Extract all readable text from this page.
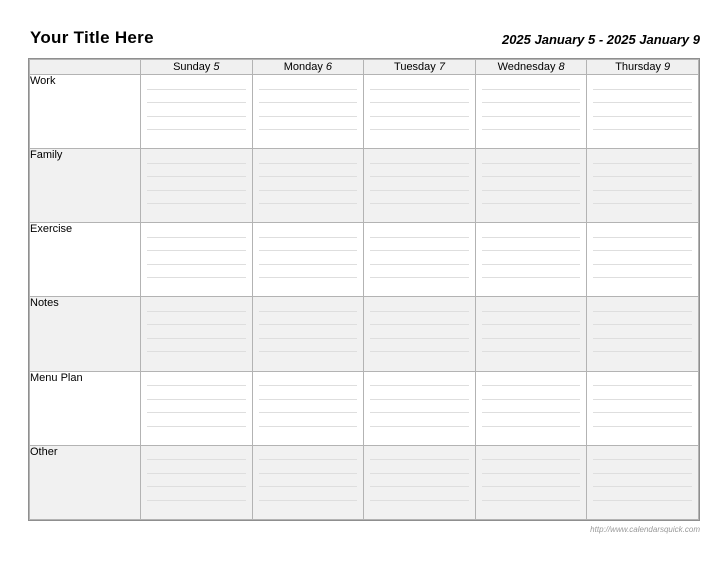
Your Title Here	2025 January 5 - 2025 January 9
	Sunday 5	Monday 6	Tuesday 7	Wednesday 8	Thursday 9
Work	

Family	

Exercise	

Notes	

Menu Plan	

Other	

http://www.calendarsquick.com
